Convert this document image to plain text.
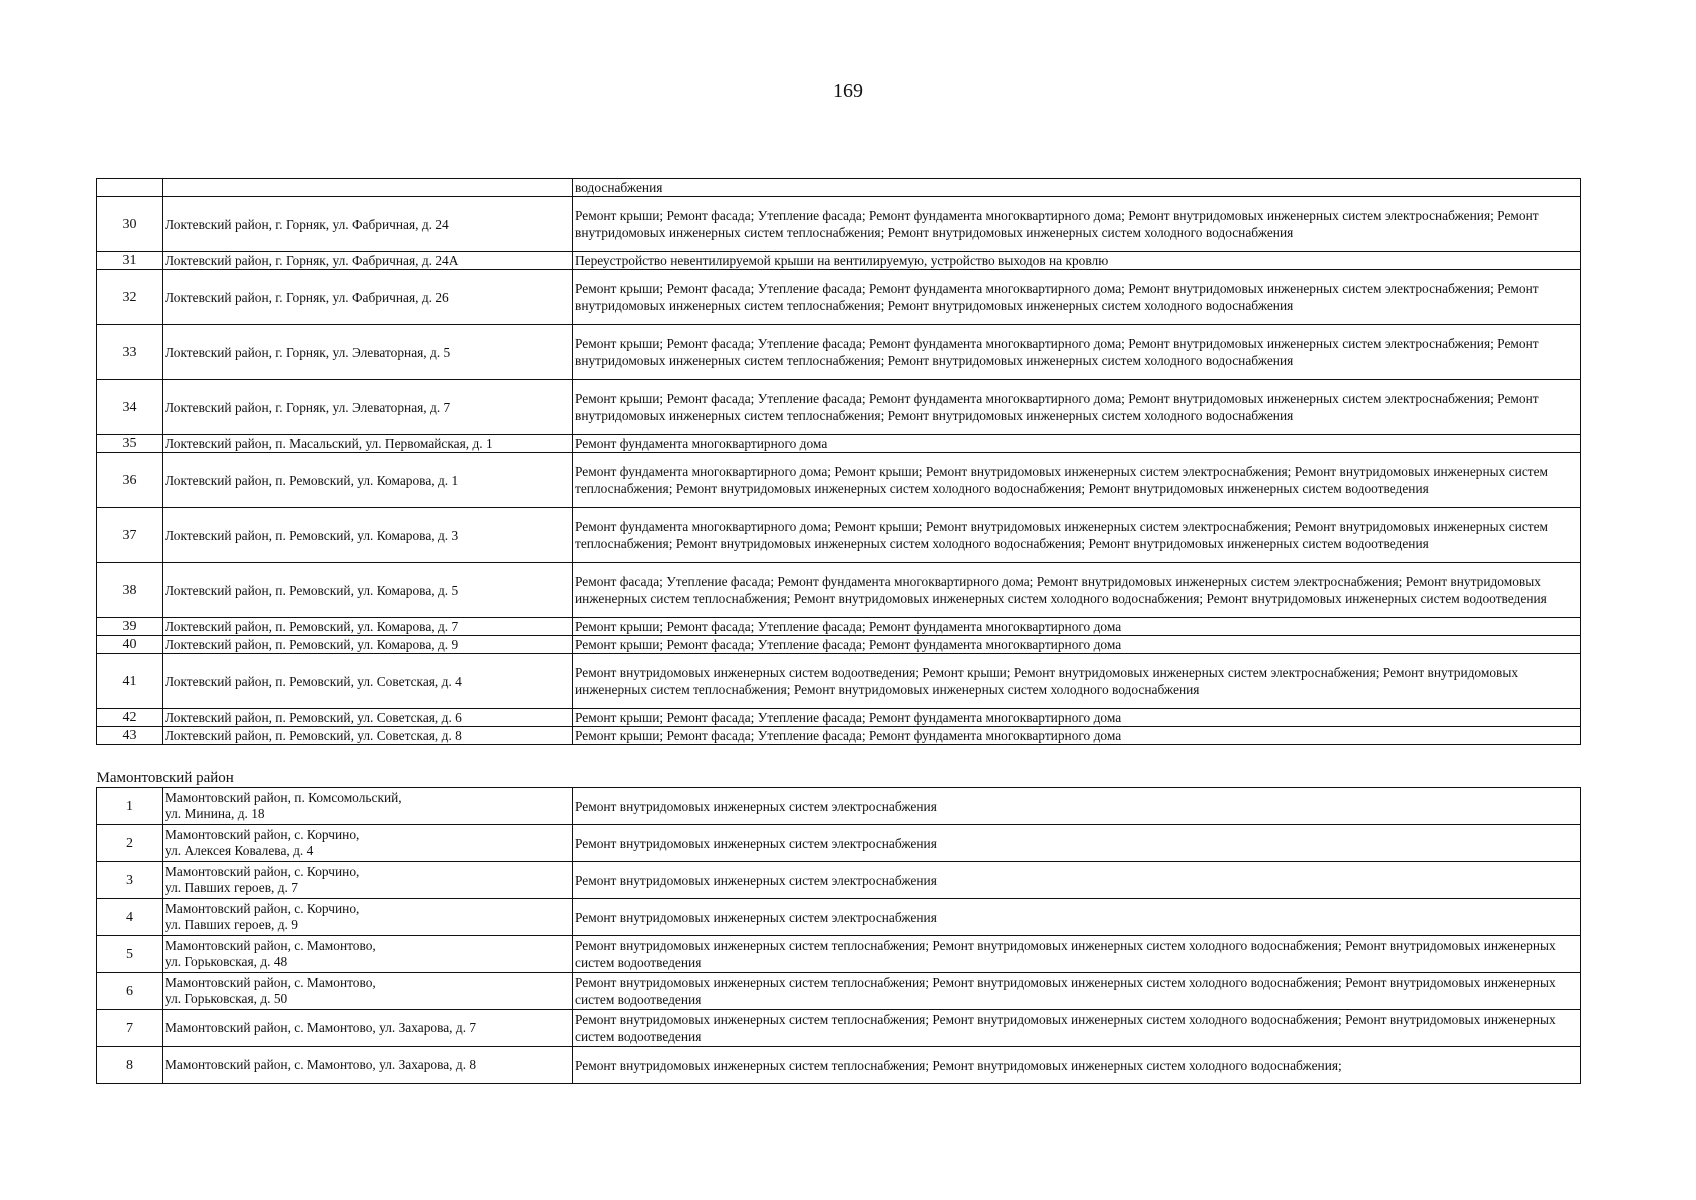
169
		водоснабжения
30	Локтевский район, г. Горняк, ул. Фабричная, д. 24	Ремонт крыши; Ремонт фасада; Утепление фасада; Ремонт фундамента многоквартирного дома; Ремонт внутридомовых инженерных систем электроснабжения; Ремонт внутридомовых инженерных систем теплоснабжения; Ремонт внутридомовых инженерных систем холодного водоснабжения
31	Локтевский район, г. Горняк, ул. Фабричная, д. 24А	Переустройство невентилируемой крыши на вентилируемую, устройство выходов на кровлю
32	Локтевский район, г. Горняк, ул. Фабричная, д. 26	Ремонт крыши; Ремонт фасада; Утепление фасада; Ремонт фундамента многоквартирного дома; Ремонт внутридомовых инженерных систем электроснабжения; Ремонт внутридомовых инженерных систем теплоснабжения; Ремонт внутридомовых инженерных систем холодного водоснабжения
33	Локтевский район, г. Горняк, ул. Элеваторная, д. 5	Ремонт крыши; Ремонт фасада; Утепление фасада; Ремонт фундамента многоквартирного дома; Ремонт внутридомовых инженерных систем электроснабжения; Ремонт внутридомовых инженерных систем теплоснабжения; Ремонт внутридомовых инженерных систем холодного водоснабжения
34	Локтевский район, г. Горняк, ул. Элеваторная, д. 7	Ремонт крыши; Ремонт фасада; Утепление фасада; Ремонт фундамента многоквартирного дома; Ремонт внутридомовых инженерных систем электроснабжения; Ремонт внутридомовых инженерных систем теплоснабжения; Ремонт внутридомовых инженерных систем холодного водоснабжения
35	Локтевский район, п. Масальский, ул. Первомайская, д. 1	Ремонт фундамента многоквартирного дома
36	Локтевский район, п. Ремовский, ул. Комарова, д. 1	Ремонт фундамента многоквартирного дома; Ремонт крыши; Ремонт внутридомовых инженерных систем электроснабжения; Ремонт внутридомовых инженерных систем теплоснабжения; Ремонт внутридомовых инженерных систем холодного водоснабжения; Ремонт внутридомовых инженерных систем водоотведения
37	Локтевский район, п. Ремовский, ул. Комарова, д. 3	Ремонт фундамента многоквартирного дома; Ремонт крыши; Ремонт внутридомовых инженерных систем электроснабжения; Ремонт внутридомовых инженерных систем теплоснабжения; Ремонт внутридомовых инженерных систем холодного водоснабжения; Ремонт внутридомовых инженерных систем водоотведения
38	Локтевский район, п. Ремовский, ул. Комарова, д. 5	Ремонт фасада; Утепление фасада; Ремонт фундамента многоквартирного дома; Ремонт внутридомовых инженерных систем электроснабжения; Ремонт внутридомовых инженерных систем теплоснабжения; Ремонт внутридомовых инженерных систем холодного водоснабжения; Ремонт внутридомовых инженерных систем водоотведения
39	Локтевский район, п. Ремовский, ул. Комарова, д. 7	Ремонт крыши; Ремонт фасада; Утепление фасада; Ремонт фундамента многоквартирного дома
40	Локтевский район, п. Ремовский, ул. Комарова, д. 9	Ремонт крыши; Ремонт фасада; Утепление фасада; Ремонт фундамента многоквартирного дома
41	Локтевский район, п. Ремовский, ул. Советская, д. 4	Ремонт внутридомовых инженерных систем водоотведения; Ремонт крыши; Ремонт внутридомовых инженерных систем электроснабжения; Ремонт внутридомовых инженерных систем теплоснабжения; Ремонт внутридомовых инженерных систем холодного водоснабжения
42	Локтевский район, п. Ремовский, ул. Советская, д. 6	Ремонт крыши; Ремонт фасада; Утепление фасада; Ремонт фундамента многоквартирного дома
43	Локтевский район, п. Ремовский, ул. Советская, д. 8	Ремонт крыши; Ремонт фасада; Утепление фасада; Ремонт фундамента многоквартирного дома

Мамонтовский район		
1	Мамонтовский район, п. Комсомольский,
ул. Минина, д. 18	Ремонт внутридомовых инженерных систем электроснабжения
2	Мамонтовский район, с. Корчино,
ул. Алексея Ковалева, д. 4	Ремонт внутридомовых инженерных систем электроснабжения
3	Мамонтовский район, с. Корчино,
ул. Павших героев, д. 7	Ремонт внутридомовых инженерных систем электроснабжения
4	Мамонтовский район, с. Корчино,
ул. Павших героев, д. 9	Ремонт внутридомовых инженерных систем электроснабжения
5	Мамонтовский район, с. Мамонтово,
ул. Горьковская, д. 48	Ремонт внутридомовых инженерных систем теплоснабжения; Ремонт внутридомовых инженерных систем холодного водоснабжения; Ремонт внутридомовых инженерных систем водоотведения
6	Мамонтовский район, с. Мамонтово,
ул. Горьковская, д. 50	Ремонт внутридомовых инженерных систем теплоснабжения; Ремонт внутридомовых инженерных систем холодного водоснабжения; Ремонт внутридомовых инженерных систем водоотведения
7	Мамонтовский район, с. Мамонтово, ул. Захарова, д. 7	Ремонт внутридомовых инженерных систем теплоснабжения; Ремонт внутридомовых инженерных систем холодного водоснабжения; Ремонт внутридомовых инженерных систем водоотведения
8	Мамонтовский район, с. Мамонтово, ул. Захарова, д. 8	Ремонт внутридомовых инженерных систем теплоснабжения; Ремонт внутридомовых инженерных систем холодного водоснабжения;
